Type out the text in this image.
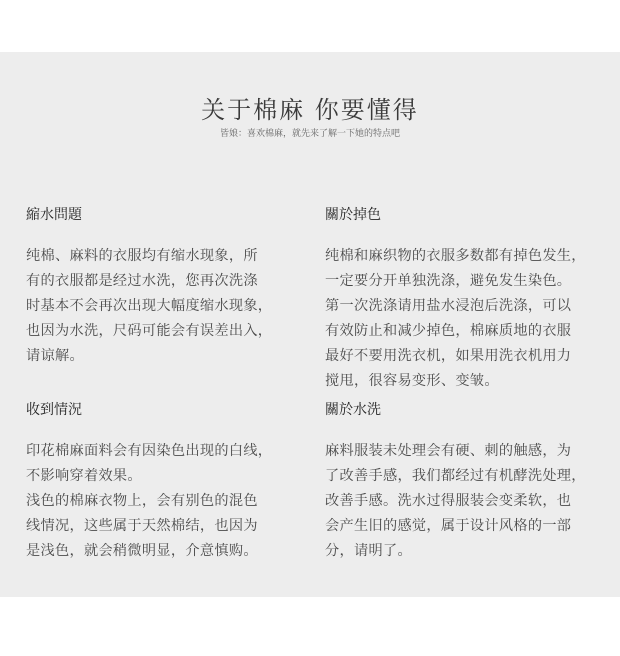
关于棉麻 你要懂得
皆娘：喜欢棉麻，就先来了解一下她的特点吧
縮水問題
纯棉、麻料的衣服均有缩水现象，所
有的衣服都是经过水洗，您再次洗涤
时基本不会再次出现大幅度缩水现象，
也因为水洗，尺码可能会有误差出入，
请谅解。
關於掉色
纯棉和麻织物的衣服多数都有掉色发生，
一定要分开单独洗涤，避免发生染色。
第一次洗涤请用盐水浸泡后洗涤，可以
有效防止和减少掉色，棉麻质地的衣服
最好不要用洗衣机，如果用洗衣机用力
搅甩，很容易变形、变皱。
收到情況
印花棉麻面料会有因染色出现的白线，
不影响穿着效果。
浅色的棉麻衣物上，会有别色的混色
线情况，这些属于天然棉结，也因为
是浅色，就会稍微明显，介意慎购。
關於水洗
麻料服装未处理会有硬、刺的触感，为
了改善手感，我们都经过有机酵洗处理，
改善手感。洗水过得服装会变柔软，也
会产生旧的感觉，属于设计风格的一部
分，请明了。
